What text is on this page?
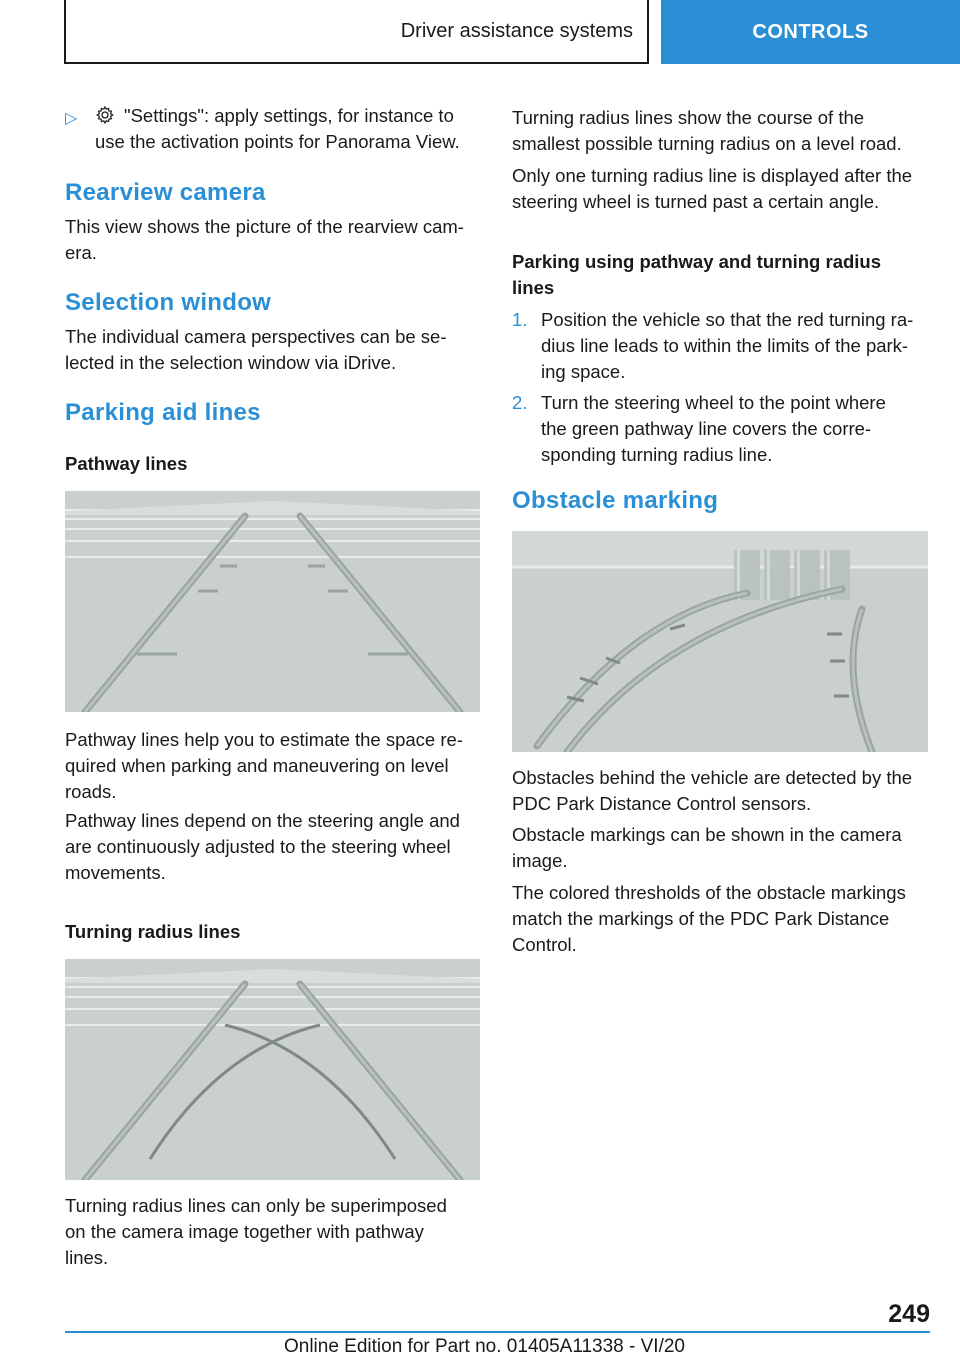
Driver assistance systems	CONTROLS
▷	"Settings": apply settings, for instance to

use the activation points for Panorama View.

Rearview camera

This view shows the picture of the rearview cam-

era.

Selection window

The individual camera perspectives can be se-

lected in the selection window via iDrive.

Parking aid lines
Pathway lines

Pathway lines help you to estimate the space re-

quired when parking and maneuvering on level

roads.

Pathway lines depend on the steering angle and

are continuously adjusted to the steering wheel

movements.

Turning radius lines

Turning radius lines can only be superimposed

on the camera image together with pathway

lines.

Turning radius lines show the course of the

smallest possible turning radius on a level road.

Only one turning radius line is displayed after the

steering wheel is turned past a certain angle.

Parking using pathway and turning radius
lines
1. Position the vehicle so that the red turning ra-

dius line leads to within the limits of the park-

ing space.

2. Turn the steering wheel to the point where

the green pathway line covers the corre-

sponding turning radius line.

Obstacle marking

Obstacles behind the vehicle are detected by the

PDC Park Distance Control sensors.

Obstacle markings can be shown in the camera

image.

The colored thresholds of the obstacle markings

match the markings of the PDC Park Distance

Control.

249
Online Edition for Part no. 01405A11338 - VI/20
